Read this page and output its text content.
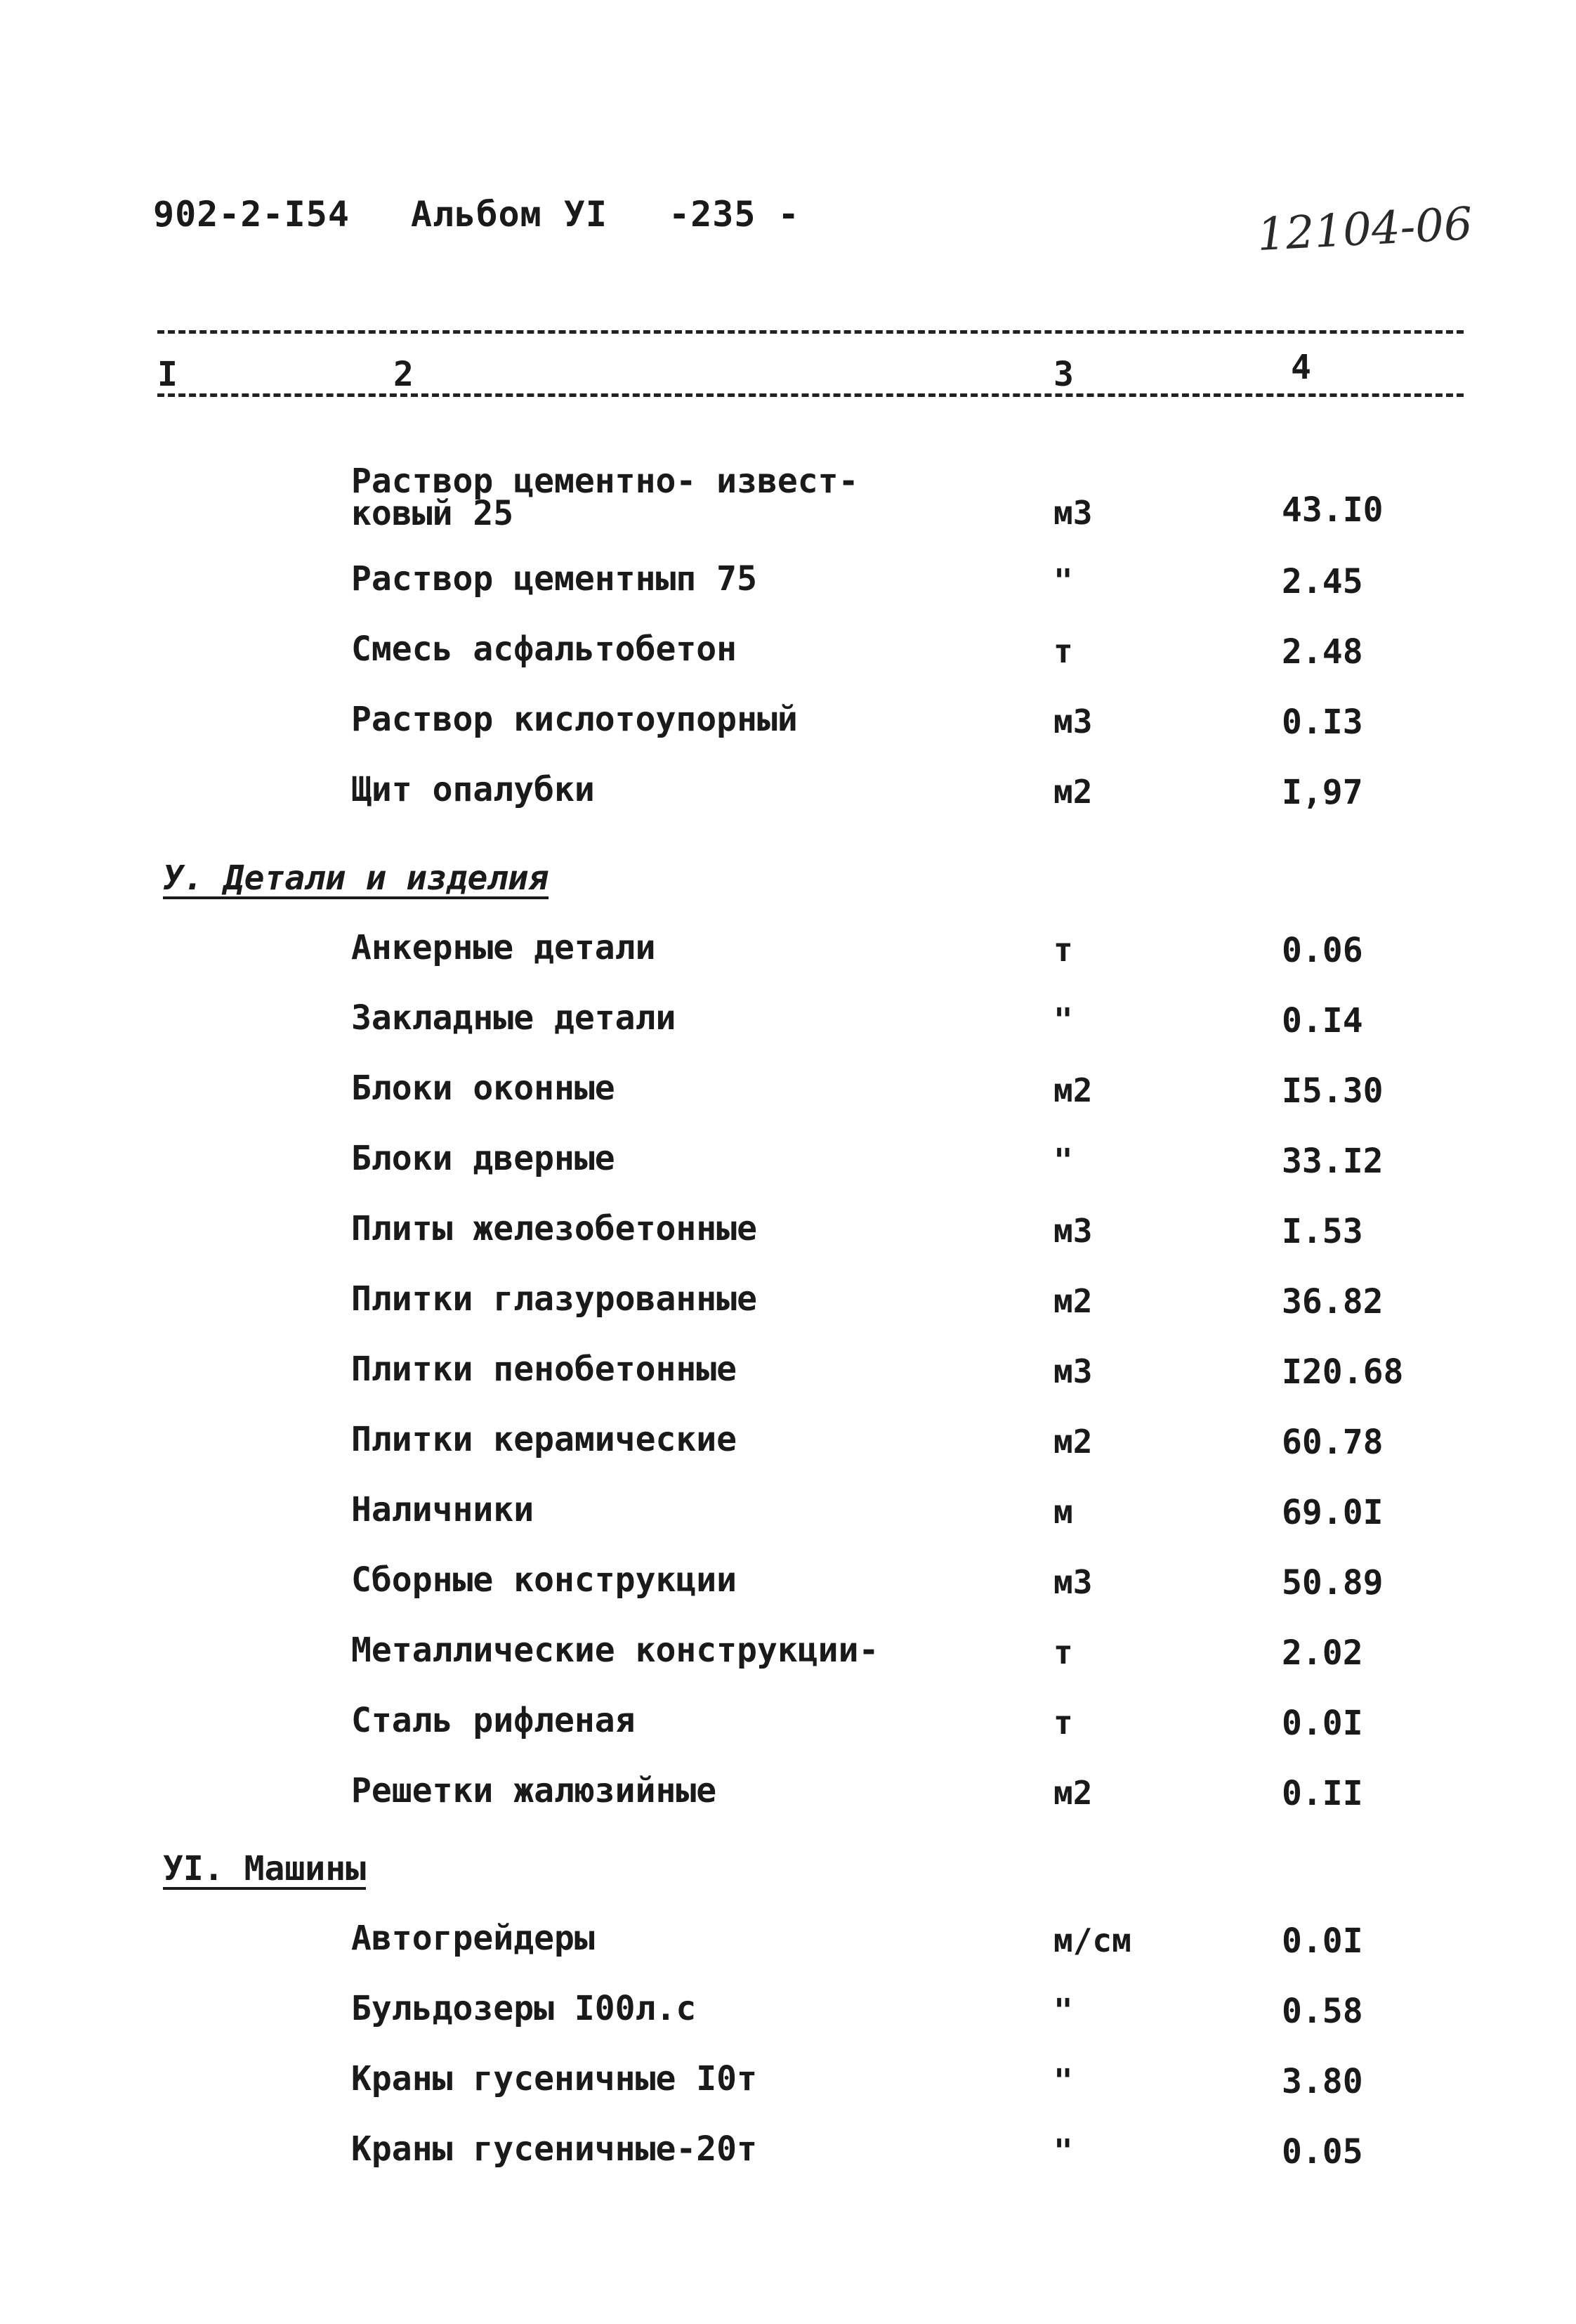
902-2-I54 Альбом УI -235 -	12104-06
I	2	3	4
Раствор цементно- извест-
ковый 25	м3	43.I0
Раствор цементнып 75	"	2.45
Смесь асфальтобетон	т	2.48
Раствор кислотоупорный	м3	0.I3
Щит опалубки	м2	I,97
У. Детали и изделия
Анкерные детали	т	0.06
Закладные детали	"	0.I4
Блоки оконные	м2	I5.30
Блоки дверные	"	33.I2
Плиты железобетонные	м3	I.53
Плитки глазурованные	м2	36.82
Плитки пенобетонные	м3	I20.68
Плитки керамические	м2	60.78
Наличники	м	69.0I
Сборные конструкции	м3	50.89
Металлические конструкции-	т	2.02
Сталь рифленая	т	0.0I
Решетки жалюзийные	м2	0.II
УI. Машины
Автогрейдеры	м/см	0.0I
Бульдозеры I00л.с	"	0.58
Краны гусеничные I0т	"	3.80
Краны гусеничные-20т	"	0.05
